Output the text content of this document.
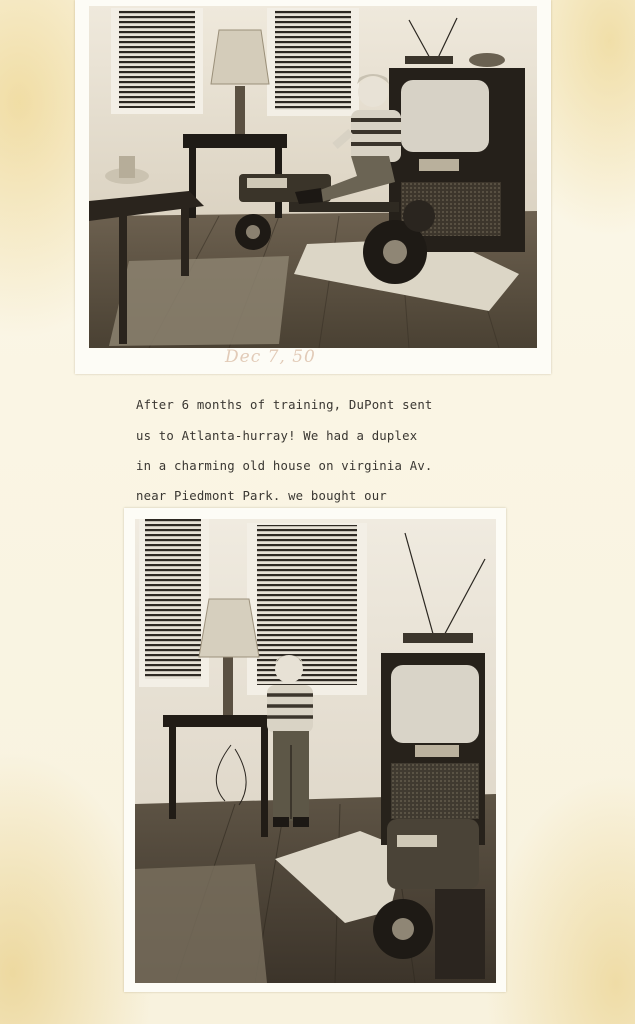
Dec 7, 50

After 6 months of training, DuPont sent

us to Atlanta-hurray! We had a duplex

in a charming old house on virginia Av.

near Piedmont Park. we bought our
